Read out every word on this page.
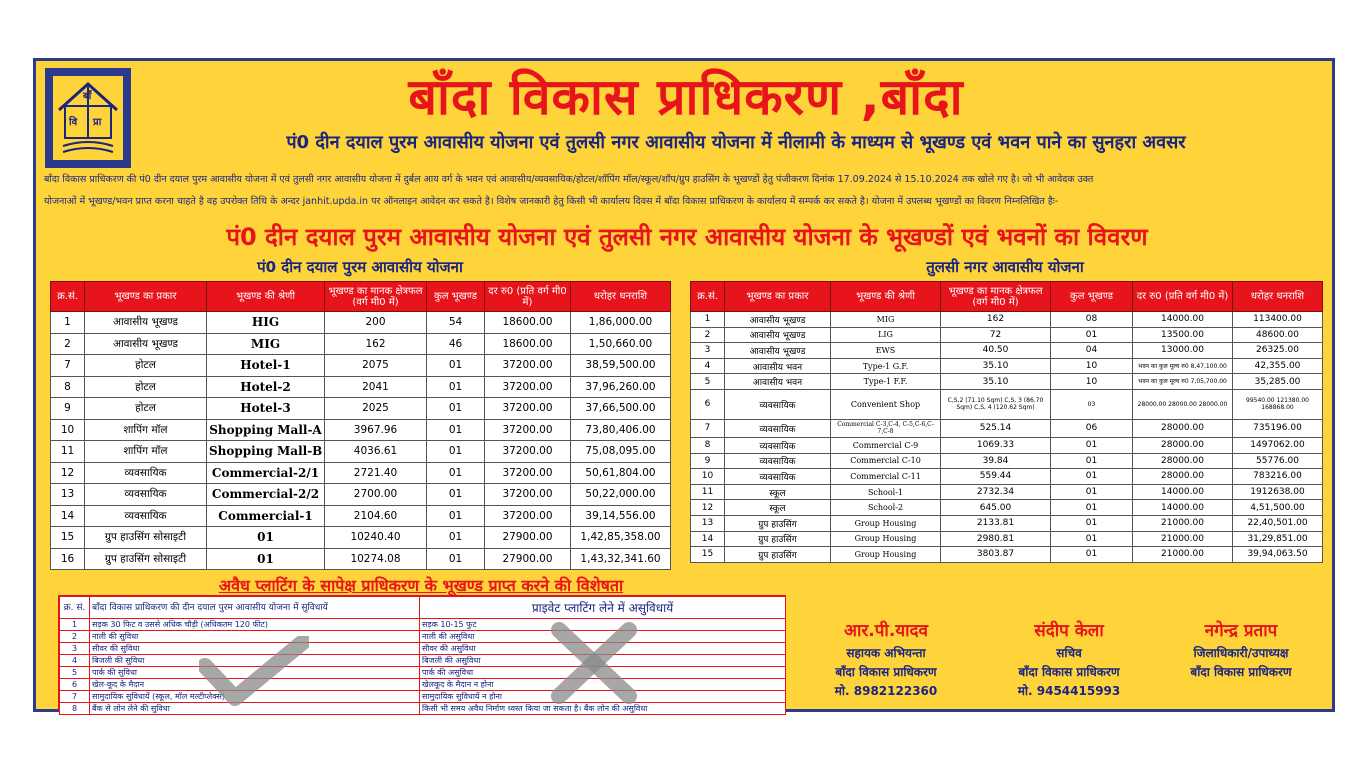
बाँ
वि प्रा	बाँदा विकास प्राधिकरण ,बाँदा
पं0 दीन दयाल पुरम आवासीय योजना एवं तुलसी नगर आवासीय योजना में नीलामी के माध्यम से भूखण्ड एवं भवन पाने का सुनहरा अवसर
बाँदा विकास प्राधिकरण की पं0 दीन दयाल पुरम आवासीय योजना में एवं तुलसी नगर आवासीय योजना में दुर्बल आय वर्ग के भवन एवं आवासीय/व्यवसायिक/होटल/शॉपिंग मॉल/स्कूल/शॉप/ग्रुप हाउसिंग के भूखण्डों हेतु पंजीकरण दिनांक 17.09.2024 से 15.10.2024 तक खोले गए है। जो भी आवेदक उक्त
योजनाओं में भूखण्ड/भवन प्राप्त करना चाहते है वह उपरोक्त तिथि के अन्दर janhit.upda.in पर ऑनलाइन आवेदन कर सकते है। विशेष जानकारी हेतु किसी भी कार्यालय दिवस में बाँदा विकास प्राधिकरण के कार्यालय में सम्पर्क कर सकते है। योजना में उपलब्ध भूखण्डों का विवरण निम्नलिखित हैः-
पं0 दीन दयाल पुरम आवासीय योजना एवं तुलसी नगर आवासीय योजना के भूखण्डों एवं भवनों का विवरण
पं0 दीन दयाल पुरम आवासीय योजना	तुलसी नगर आवासीय योजना
क्र.सं.	भूखण्ड का प्रकार	भूखण्ड की श्रेणी	भूखण्ड का मानक क्षेत्रफल (वर्ग मी0 में)	कुल भूखण्ड	दर रु0 (प्रति वर्ग मी0 में)	धरोहर धनराशि
1	आवासीय भूखण्ड	HIG	200	54	18600.00	1,86,000.00
2	आवासीय भूखण्ड	MIG	162	46	18600.00	1,50,660.00
7	होटल	Hotel-1	2075	01	37200.00	38,59,500.00
8	होटल	Hotel-2	2041	01	37200.00	37,96,260.00
9	होटल	Hotel-3	2025	01	37200.00	37,66,500.00
10	शापिंग मॉल	Shopping Mall-A	3967.96	01	37200.00	73,80,406.00
11	शापिंग मॉल	Shopping Mall-B	4036.61	01	37200.00	75,08,095.00
12	व्यवसायिक	Commercial-2/1	2721.40	01	37200.00	50,61,804.00
13	व्यवसायिक	Commercial-2/2	2700.00	01	37200.00	50,22,000.00
14	व्यवसायिक	Commercial-1	2104.60	01	37200.00	39,14,556.00
15	ग्रुप हाउसिंग सोसाइटी	01	10240.40	01	27900.00	1,42,85,358.00
16	ग्रुप हाउसिंग सोसाइटी	01	10274.08	01	27900.00	1,43,32,341.60
क्र.सं.	भूखण्ड का प्रकार	भूखण्ड की श्रेणी	भूखण्ड का मानक क्षेत्रफल (वर्ग मी0 में)	कुल भूखण्ड	दर रु0 (प्रति वर्ग मी0 में)	धरोहर धनराशि
1	आवासीय भूखण्ड	MIG	162	08	14000.00	113400.00
2	आवासीय भूखण्ड	LIG	72	01	13500.00	48600.00
3	आवासीय भूखण्ड	EWS	40.50	04	13000.00	26325.00
4	आवासीय भवन	Type-1 G.F.	35.10	10	भवन का कुल मूल्य रु0 8,47,100.00	42,355.00
5	आवासीय भवन	Type-1 F.F.	35.10	10	भवन का कुल मूल्य रु0 7,05,700.00	35,285.00
6	व्यवसायिक	Convenient Shop	C,S,2 (71.10 Sqm) C,S, 3 (86.70 Sqm) C,S, 4 (120.62 Sqm)	03	28000.00 28000.00 28000.00	99540.00 121380.00 168868.00
7	व्यवसायिक	Commercial C-3,C-4, C-5,C-6,C-7,C-8	525.14	06	28000.00	735196.00
8	व्यवसायिक	Commercial C-9	1069.33	01	28000.00	1497062.00
9	व्यवसायिक	Commercial C-10	39.84	01	28000.00	55776.00
10	व्यवसायिक	Commercial C-11	559.44	01	28000.00	783216.00
11	स्कूल	School-1	2732.34	01	14000.00	1912638.00
12	स्कूल	School-2	645.00	01	14000.00	4,51,500.00
13	ग्रुप हाउसिंग	Group Housing	2133.81	01	21000.00	22,40,501.00
14	ग्रुप हाउसिंग	Group Housing	2980.81	01	21000.00	31,29,851.00
15	ग्रुप हाउसिंग	Group Housing	3803.87	01	21000.00	39,94,063.50
अवैध प्लाटिंग के सापेक्ष प्राधिकरण के भूखण्ड प्राप्त करने की विशेषता
क्र. सं.	बाँदा विकास प्राधिकरण की दीन दयाल पुरम आवासीय योजना में सुविधायें	प्राइवेट प्लाटिंग लेने में असुविधायें
1	सड़क 30 फिट व उससे अधिक चौड़ी (अधिकतम 120 फीट)	सड़क 10-15 फुट
2	नाली की सुविधा	नाली की असुविधा
3	सीवर की सुविधा	सीवर की असुविधा
4	बिजली की सुविधा	बिजली की असुविधा
5	पार्क की सुविधा	पार्क की असुविधा
6	खेल-कूद के मैदान	खेलकूद के मैदान न होना
7	सामुदायिक सुविधायें (स्कूल, मॉल मल्टीप्लेक्स)	सामुदायिक सुविधायें न होना
8	बैंक से लोन लेने की सुविधा	किसी भी समय अवैध निर्माण ध्वस्त किया जा सकता है। बैंक लोन की असुविधा
आर.पी.यादव
सहायक अभियन्ता
बाँदा विकास प्राधिकरण
मो. 8982122360
संदीप केला
सचिव
बाँदा विकास प्राधिकरण
मो. 9454415993
नगेन्द्र प्रताप
जिलाधिकारी/उपाध्यक्ष
बाँदा विकास प्राधिकरण
